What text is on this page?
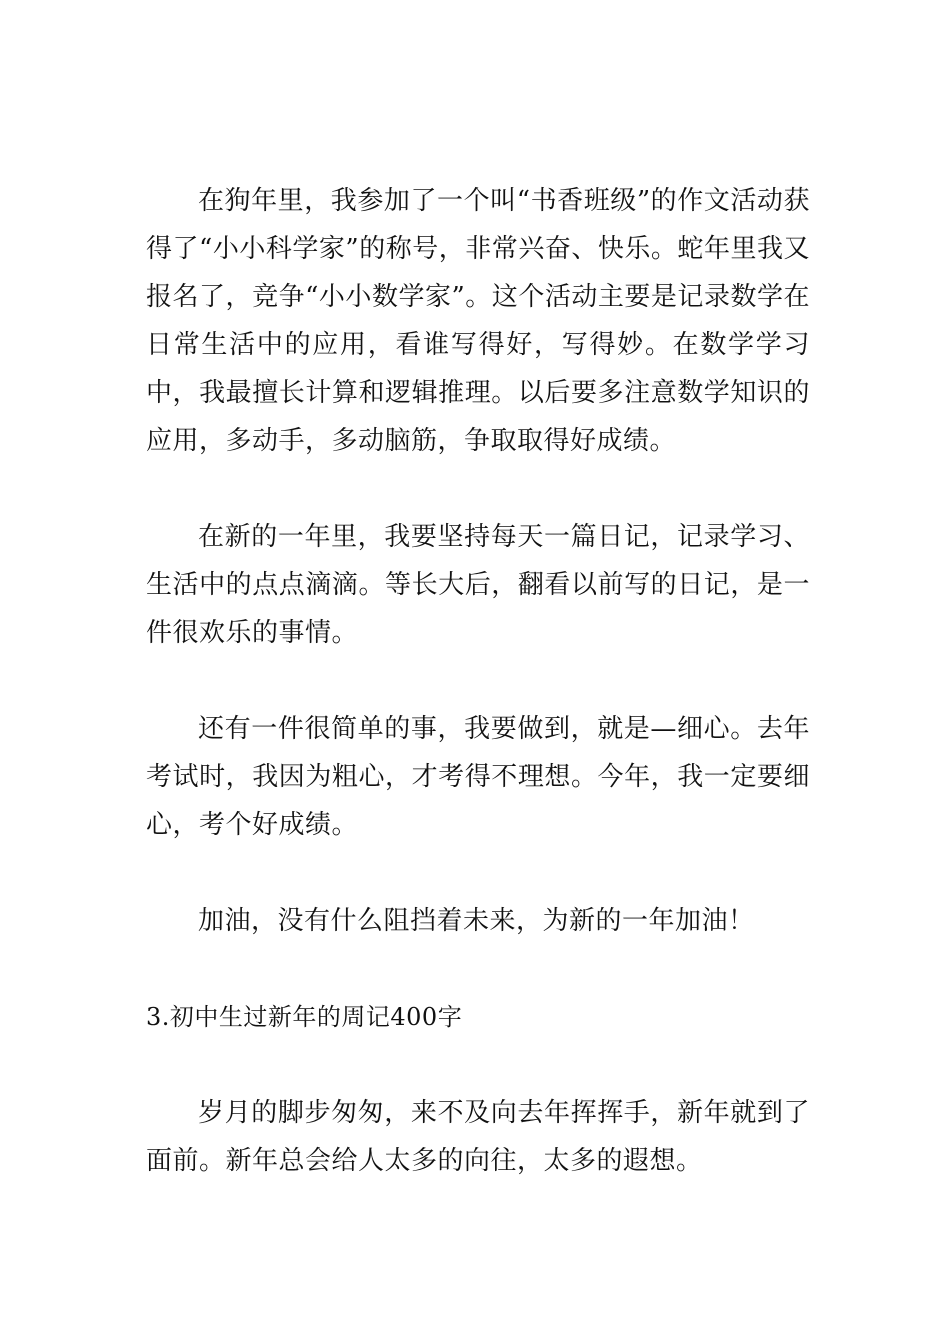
在狗年里，我参加了一个叫“书香班级”的作文活动获得了“小小科学家”的称号，非常兴奋、快乐。蛇年里我又报名了，竞争“小小数学家”。这个活动主要是记录数学在日常生活中的应用，看谁写得好，写得妙。在数学学习中，我最擅长计算和逻辑推理。以后要多注意数学知识的应用，多动手，多动脑筋，争取取得好成绩。

在新的一年里，我要坚持每天一篇日记，记录学习、生活中的点点滴滴。等长大后，翻看以前写的日记，是一件很欢乐的事情。

还有一件很简单的事，我要做到，就是—细心。去年考试时，我因为粗心，才考得不理想。今年，我一定要细心，考个好成绩。

加油，没有什么阻挡着未来，为新的一年加油！

3.初中生过新年的周记400字

岁月的脚步匆匆，来不及向去年挥挥手，新年就到了面前。新年总会给人太多的向往，太多的遐想。
